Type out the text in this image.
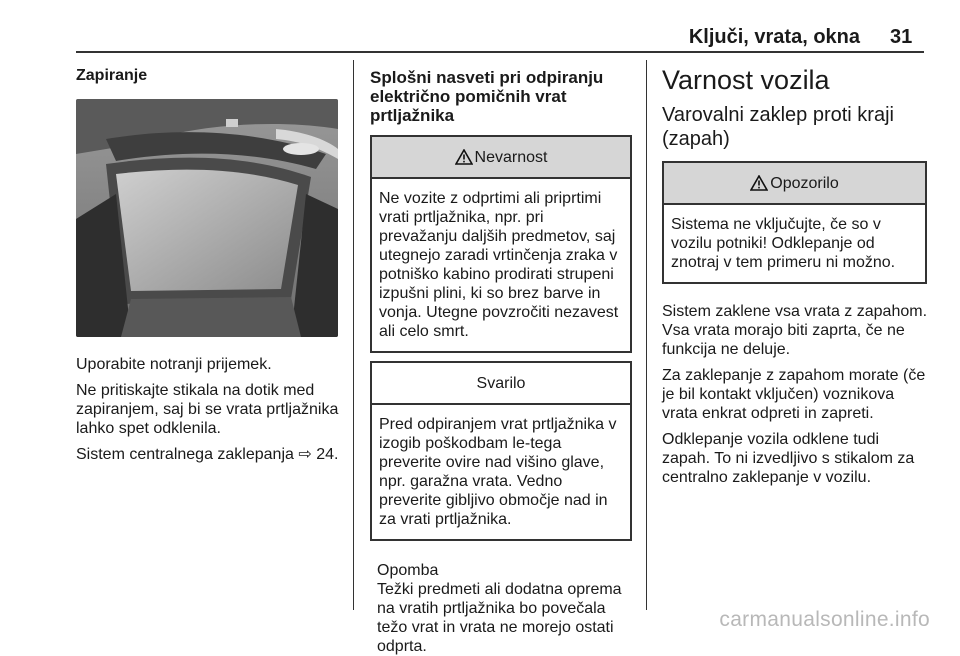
Ključi, vrata, okna 31
Zapiranje

Uporabite notranji prijemek.

Ne pritiskajte stikala na dotik med zapiranjem, saj bi se vrata prtljažnika lahko spet odklenila.

Sistem centralnega zaklepanja ⇨ 24.

Splošni nasveti pri odpiranju električno pomičnih vrat prtljažnika
Nevarnost
Ne vozite z odprtimi ali priprtimi vrati prtljažnika, npr. pri prevažanju daljših predmetov, saj utegnejo zaradi vrtinčenja zraka v potniško kabino prodirati strupeni izpušni plini, ki so brez barve in vonja. Utegne povzročiti nezavest ali celo smrt.
Svarilo
Pred odpiranjem vrat prtljažnika v izogib poškodbam le-tega preverite ovire nad višino glave, npr. garažna vrata. Vedno preverite gibljivo območje nad in za vrati prtljažnika.
Opomba
Težki predmeti ali dodatna oprema na vratih prtljažnika bo povečala težo vrat in vrata ne morejo ostati odprta.
Varnost vozila
Varovalni zaklep proti kraji (zapah)
Opozorilo
Sistema ne vključujte, če so v vozilu potniki! Odklepanje od znotraj v tem primeru ni možno.

Sistem zaklene vsa vrata z zapahom. Vsa vrata morajo biti zaprta, če ne funkcija ne deluje.

Za zaklepanje z zapahom morate (če je bil kontakt vključen) voznikova vrata enkrat odpreti in zapreti.

Odklepanje vozila odklene tudi zapah. To ni izvedljivo s stikalom za centralno zaklepanje v vozilu.

carmanualsonline.info
